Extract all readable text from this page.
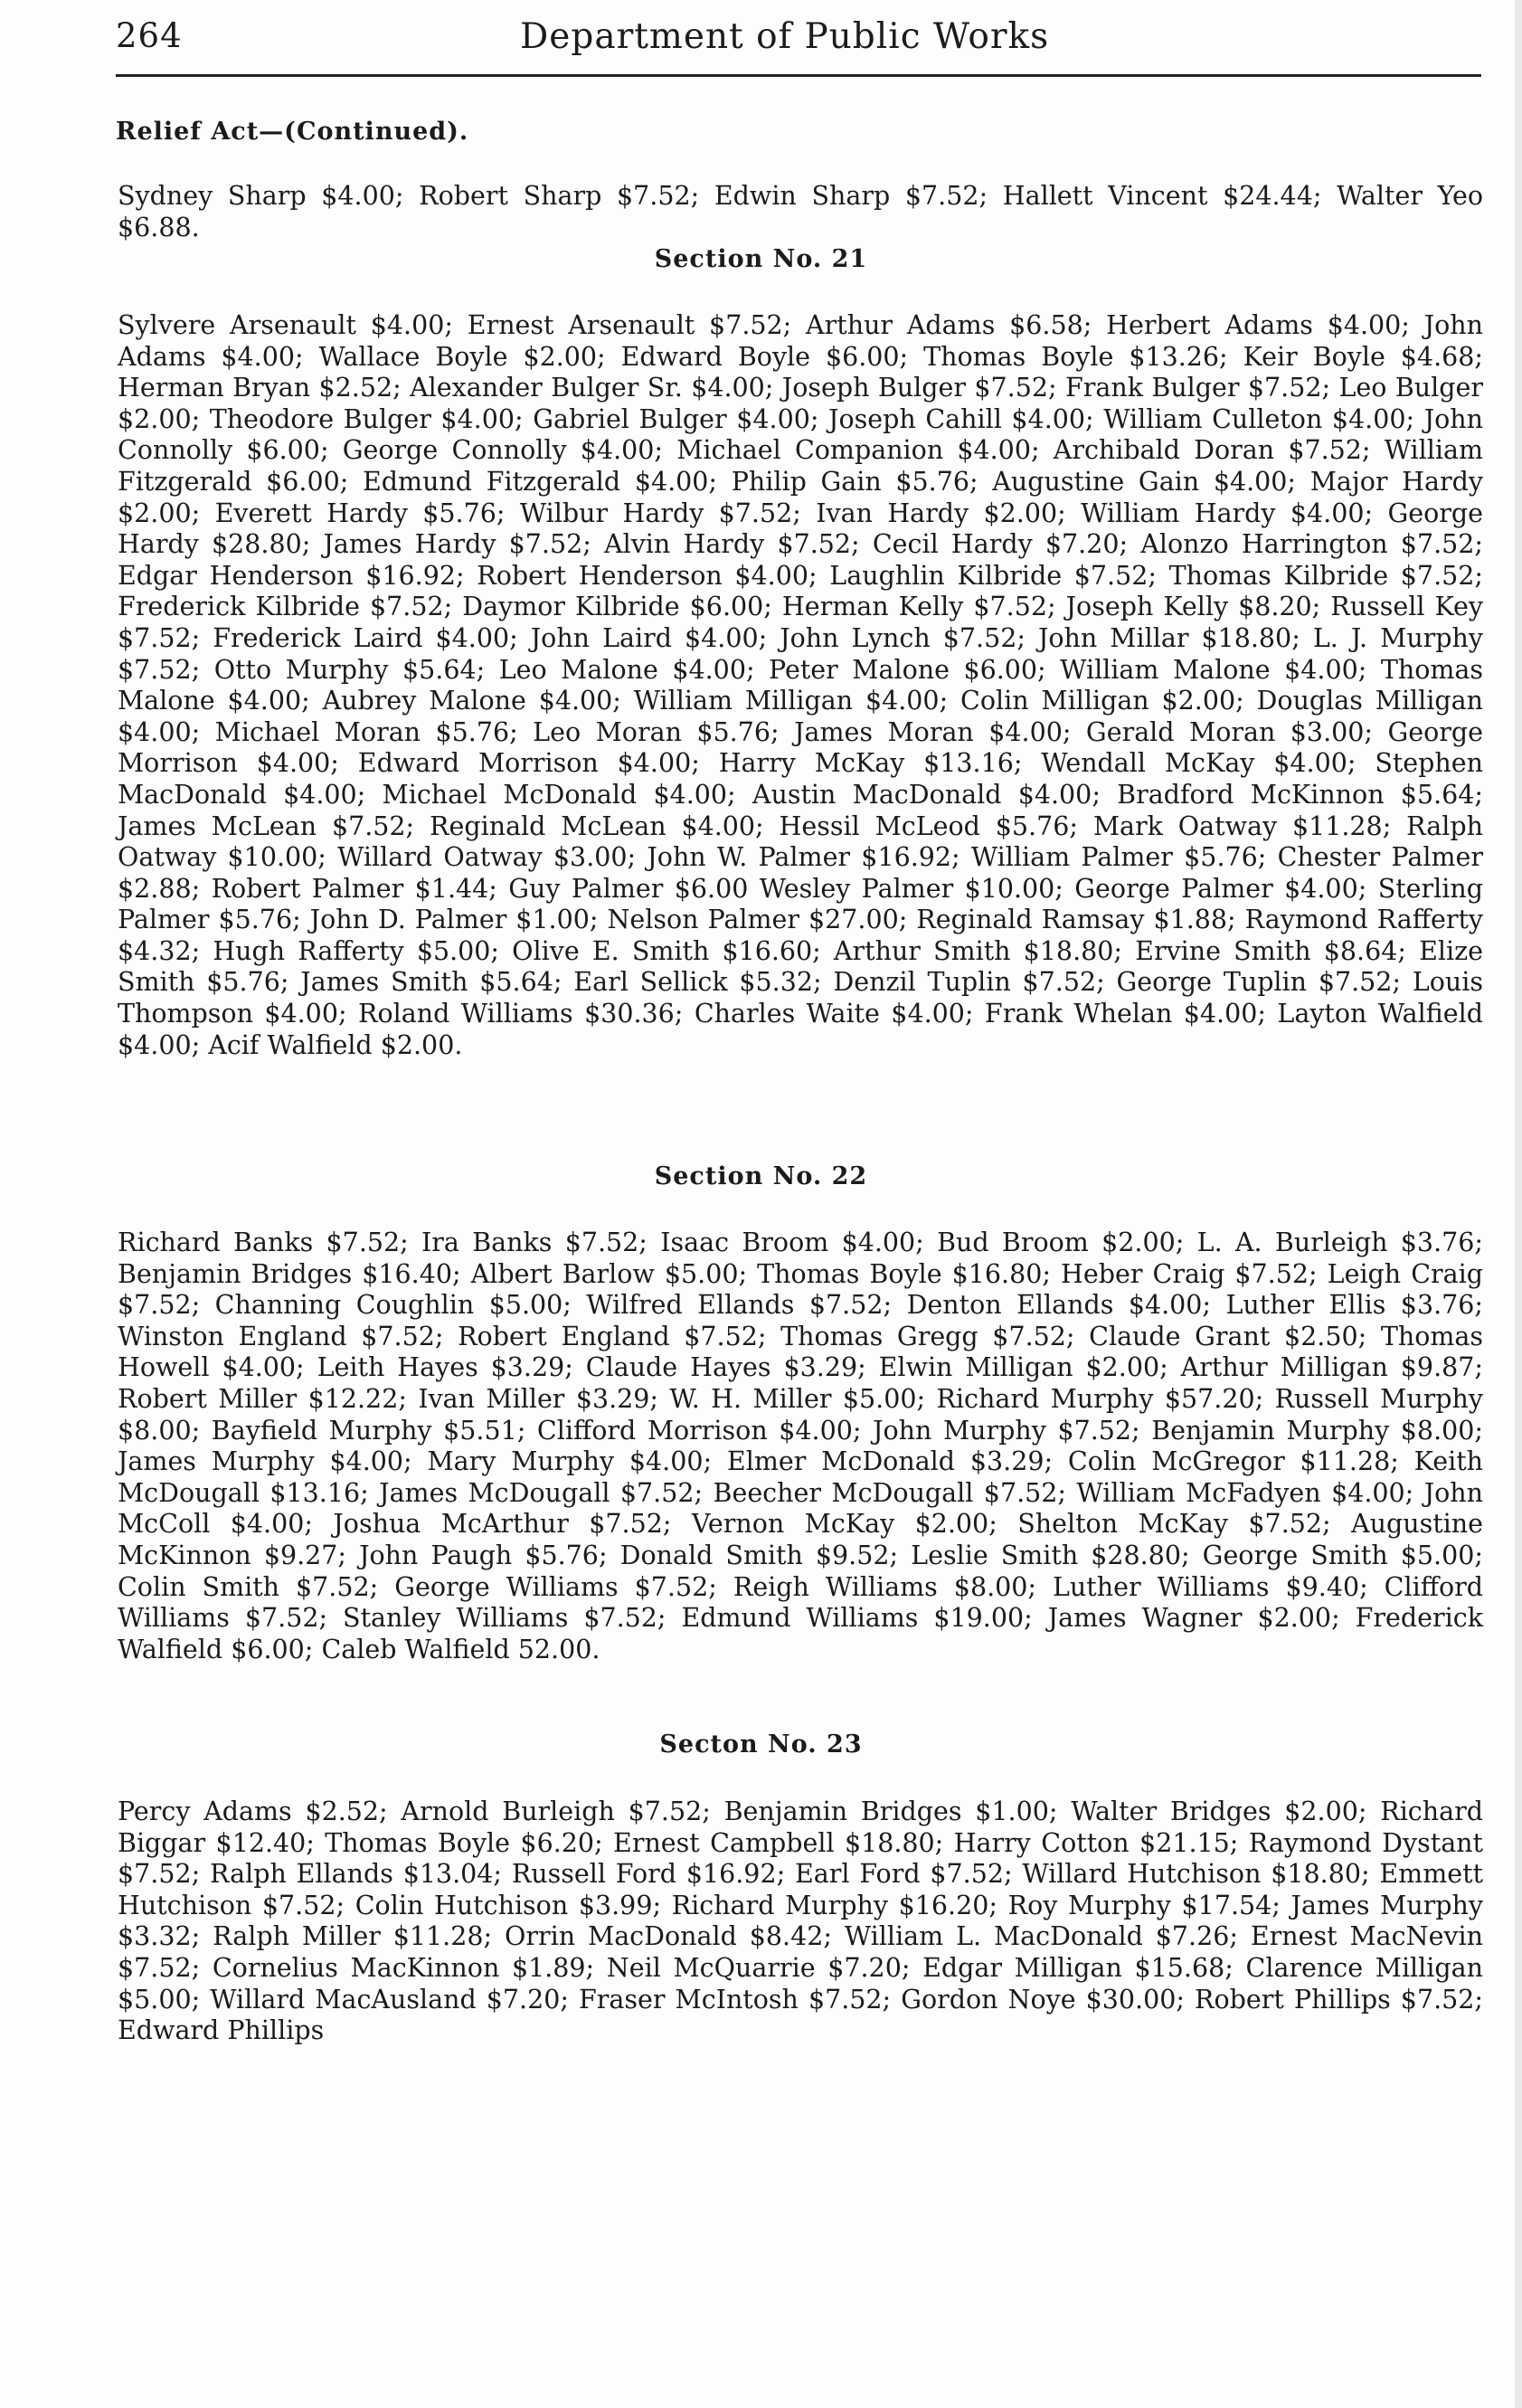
264	Department of Public Works
Relief Act—(Continued).

Sydney Sharp $4.00; Robert Sharp $7.52; Edwin Sharp $7.52; Hallett Vincent $24.44; Walter Yeo $6.88.

Section No. 21

Sylvere Arsenault $4.00; Ernest Arsenault $7.52; Arthur Adams $6.58; Herbert Adams $4.00; John Adams $4.00; Wallace Boyle $2.00; Edward Boyle $6.00; Thomas Boyle $13.26; Keir Boyle $4.68; Herman Bryan $2.52; Alexander Bulger Sr. $4.00; Joseph Bulger $7.52; Frank Bulger $7.52; Leo Bulger $2.00; Theodore Bulger $4.00; Gabriel Bulger $4.00; Joseph Cahill $4.00; William Culleton $4.00; John Connolly $6.00; George Connolly $4.00; Michael Companion $4.00; Archibald Doran $7.52; William Fitzgerald $6.00; Edmund Fitzgerald $4.00; Philip Gain $5.76; Augustine Gain $4.00; Major Hardy $2.00; Everett Hardy $5.76; Wilbur Hardy $7.52; Ivan Hardy $2.00; William Hardy $4.00; George Hardy $28.80; James Hardy $7.52; Alvin Hardy $7.52; Cecil Hardy $7.20; Alonzo Harrington $7.52; Edgar Henderson $16.92; Robert Henderson $4.00; Laughlin Kilbride $7.52; Thomas Kilbride $7.52; Frederick Kilbride $7.52; Daymor Kilbride $6.00; Herman Kelly $7.52; Joseph Kelly $8.20; Russell Key $7.52; Frederick Laird $4.00; John Laird $4.00; John Lynch $7.52; John Millar $18.80; L. J. Murphy $7.52; Otto Murphy $5.64; Leo Malone $4.00; Peter Malone $6.00; William Malone $4.00; Thomas Malone $4.00; Aubrey Malone $4.00; William Milligan $4.00; Colin Milligan $2.00; Douglas Milligan $4.00; Michael Moran $5.76; Leo Moran $5.76; James Moran $4.00; Gerald Moran $3.00; George Morrison $4.00; Edward Morrison $4.00; Harry McKay $13.16; Wendall McKay $4.00; Stephen MacDonald $4.00; Michael McDonald $4.00; Austin MacDonald $4.00; Bradford McKinnon $5.64; James McLean $7.52; Reginald McLean $4.00; Hessil McLeod $5.76; Mark Oatway $11.28; Ralph Oatway $10.00; Willard Oatway $3.00; John W. Palmer $16.92; William Palmer $5.76; Chester Palmer $2.88; Robert Palmer $1.44; Guy Palmer $6.00 Wesley Palmer $10.00; George Palmer $4.00; Sterling Palmer $5.76; John D. Palmer $1.00; Nelson Palmer $27.00; Reginald Ramsay $1.88; Raymond Rafferty $4.32; Hugh Rafferty $5.00; Olive E. Smith $16.60; Arthur Smith $18.80; Ervine Smith $8.64; Elize Smith $5.76; James Smith $5.64; Earl Sellick $5.32; Denzil Tuplin $7.52; George Tuplin $7.52; Louis Thompson $4.00; Roland Williams $30.36; Charles Waite $4.00; Frank Whelan $4.00; Layton Walfield $4.00; Acif Walfield $2.00.

Section No. 22

Richard Banks $7.52; Ira Banks $7.52; Isaac Broom $4.00; Bud Broom $2.00; L. A. Burleigh $3.76; Benjamin Bridges $16.40; Albert Barlow $5.00; Thomas Boyle $16.80; Heber Craig $7.52; Leigh Craig $7.52; Channing Coughlin $5.00; Wilfred Ellands $7.52; Denton Ellands $4.00; Luther Ellis $3.76; Winston England $7.52; Robert England $7.52; Thomas Gregg $7.52; Claude Grant $2.50; Thomas Howell $4.00; Leith Hayes $3.29; Claude Hayes $3.29; Elwin Milligan $2.00; Arthur Milligan $9.87; Robert Miller $12.22; Ivan Miller $3.29; W. H. Miller $5.00; Richard Murphy $57.20; Russell Murphy $8.00; Bayfield Murphy $5.51; Clifford Morrison $4.00; John Murphy $7.52; Benjamin Murphy $8.00; James Murphy $4.00; Mary Murphy $4.00; Elmer McDonald $3.29; Colin McGregor $11.28; Keith McDougall $13.16; James McDougall $7.52; Beecher McDougall $7.52; William McFadyen $4.00; John McColl $4.00; Joshua McArthur $7.52; Vernon McKay $2.00; Shelton McKay $7.52; Augustine McKinnon $9.27; John Paugh $5.76; Donald Smith $9.52; Leslie Smith $28.80; George Smith $5.00; Colin Smith $7.52; George Williams $7.52; Reigh Williams $8.00; Luther Williams $9.40; Clifford Williams $7.52; Stanley Williams $7.52; Edmund Williams $19.00; James Wagner $2.00; Frederick Walfield $6.00; Caleb Walfield 52.00.

Secton No. 23

Percy Adams $2.52; Arnold Burleigh $7.52; Benjamin Bridges $1.00; Walter Bridges $2.00; Richard Biggar $12.40; Thomas Boyle $6.20; Ernest Campbell $18.80; Harry Cotton $21.15; Raymond Dystant $7.52; Ralph Ellands $13.04; Russell Ford $16.92; Earl Ford $7.52; Willard Hutchison $18.80; Emmett Hutchison $7.52; Colin Hutchison $3.99; Richard Murphy $16.20; Roy Murphy $17.54; James Murphy $3.32; Ralph Miller $11.28; Orrin MacDonald $8.42; William L. MacDonald $7.26; Ernest MacNevin $7.52; Cornelius MacKinnon $1.89; Neil McQuarrie $7.20; Edgar Milligan $15.68; Clarence Milligan $5.00; Willard MacAusland $7.20; Fraser McIntosh $7.52; Gordon Noye $30.00; Robert Phillips $7.52; Edward Phillips
